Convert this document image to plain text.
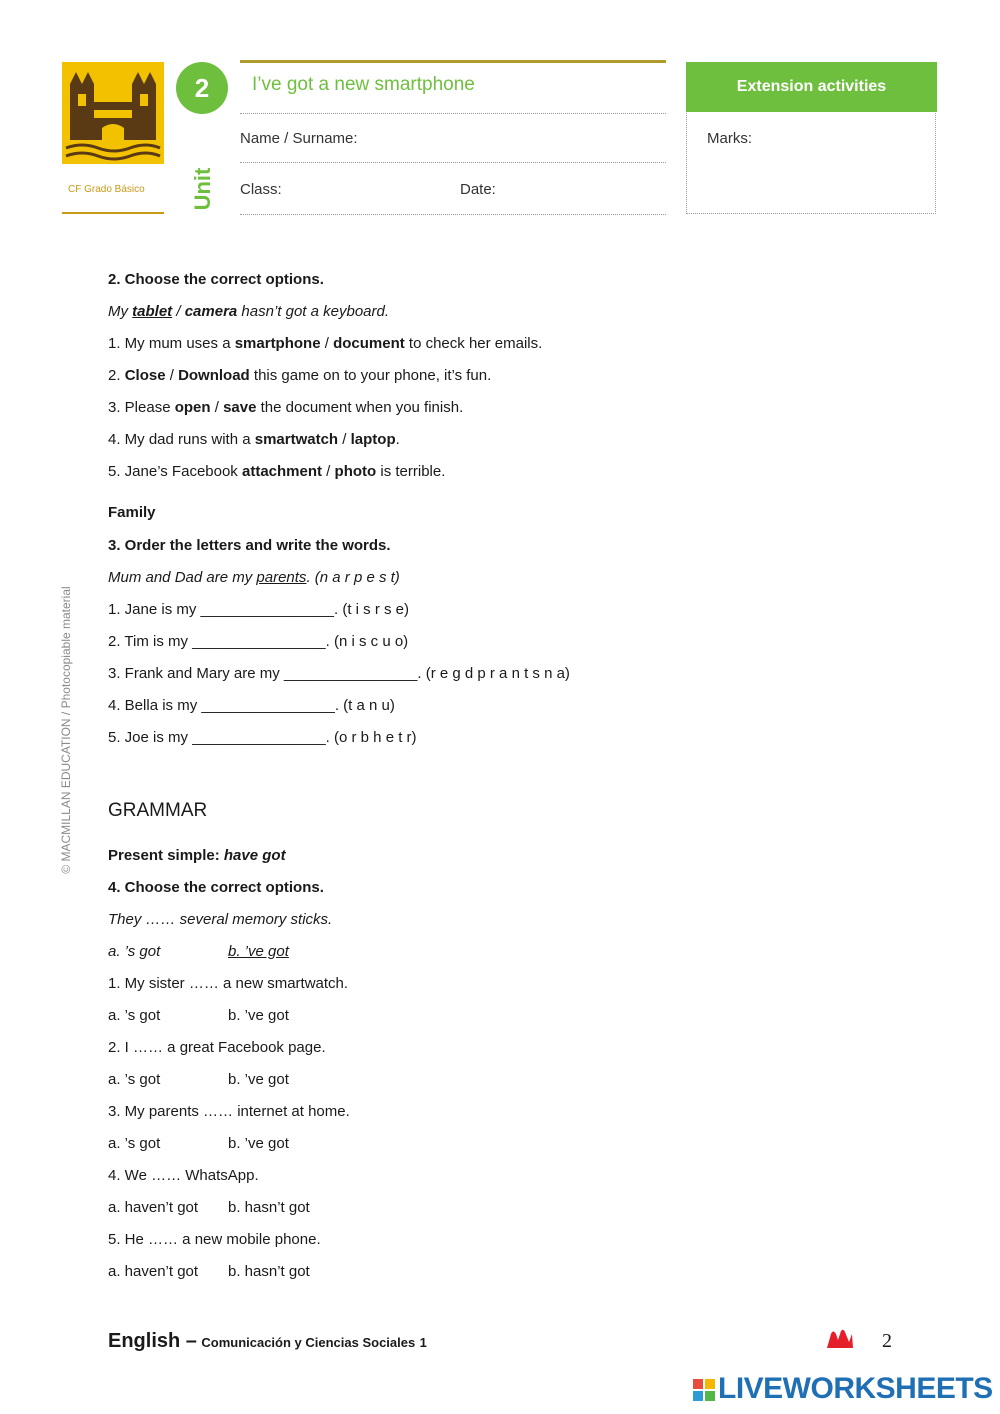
CF Grado Básico
2
Unit
I’ve got a new smartphone
Name / Surname:
Class:	Date:
Extension activities
Marks:
© MACMILLAN EDUCATION / Photocopiable material
2. Choose the correct options.
My tablet / camera hasn’t got a keyboard.
1. My mum uses a smartphone / document to check her emails.
2. Close / Download this game on to your phone, it’s fun.
3. Please open / save the document when you finish.
4. My dad runs with a smartwatch / laptop.
5. Jane’s Facebook attachment / photo is terrible.
Family
3. Order the letters and write the words.
Mum and Dad are my parents. (n a r p e s t)
1. Jane is my ________________. (t i s r s e)
2. Tim is my ________________. (n i s c u o)
3. Frank and Mary are my ________________. (r e g d p r a n t s n a)
4. Bella is my ________________. (t a n u)
5. Joe is my ________________. (o r b h e t r)
GRAMMAR
Present simple: have got
4. Choose the correct options.
They …… several memory sticks.
a. ’s got	b. ’ve got
1. My sister …… a new smartwatch.
a. ’s got	b. ’ve got
2. I …… a great Facebook page.
a. ’s got	b. ’ve got
3. My parents …… internet at home.
a. ’s got	b. ’ve got
4. We …… WhatsApp.
a. haven’t got b. hasn’t got
5. He …… a new mobile phone.
a. haven’t got b. hasn’t got
English – Comunicación y Ciencias Sociales 1	2
LIVEWORKSHEETS
